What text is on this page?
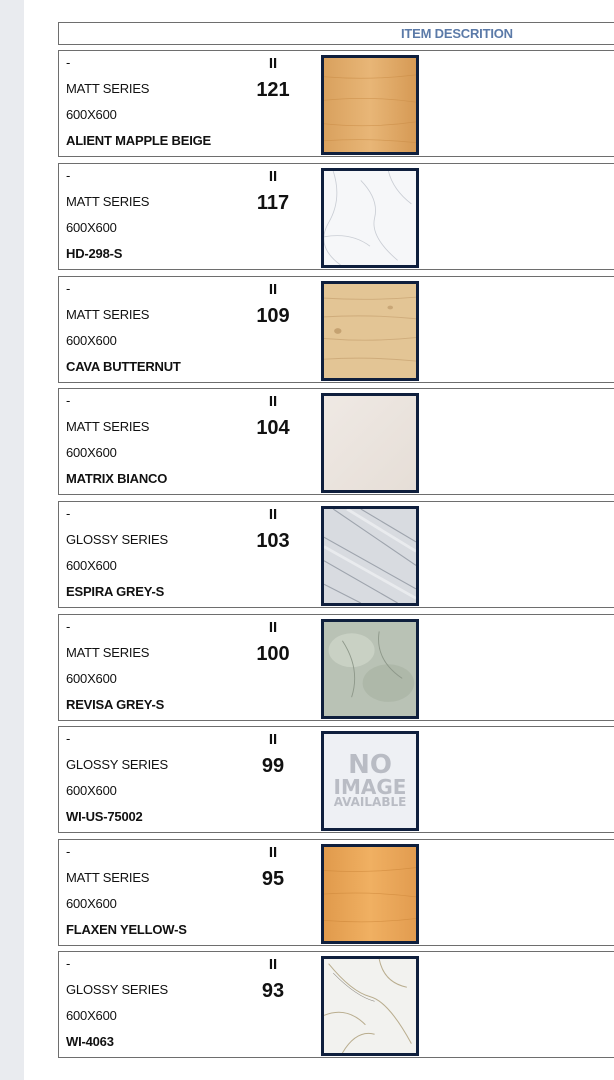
ITEM DESCRITION
-
MATT SERIES
600X600
ALIENT MAPPLE BEIGE
II
121
-
MATT SERIES
600X600
HD-298-S
II
117
-
MATT SERIES
600X600
CAVA BUTTERNUT
II
109
-
MATT SERIES
600X600
MATRIX BIANCO
II
104
-
GLOSSY SERIES
600X600
ESPIRA GREY-S
II
103
-
MATT SERIES
600X600
REVISA GREY-S
II
100
-
GLOSSY SERIES
600X600
WI-US-75002
II
99	NO
IMAGE
AVAILABLE
-
MATT SERIES
600X600
FLAXEN YELLOW-S
II
95
-
GLOSSY SERIES
600X600
WI-4063
II
93
